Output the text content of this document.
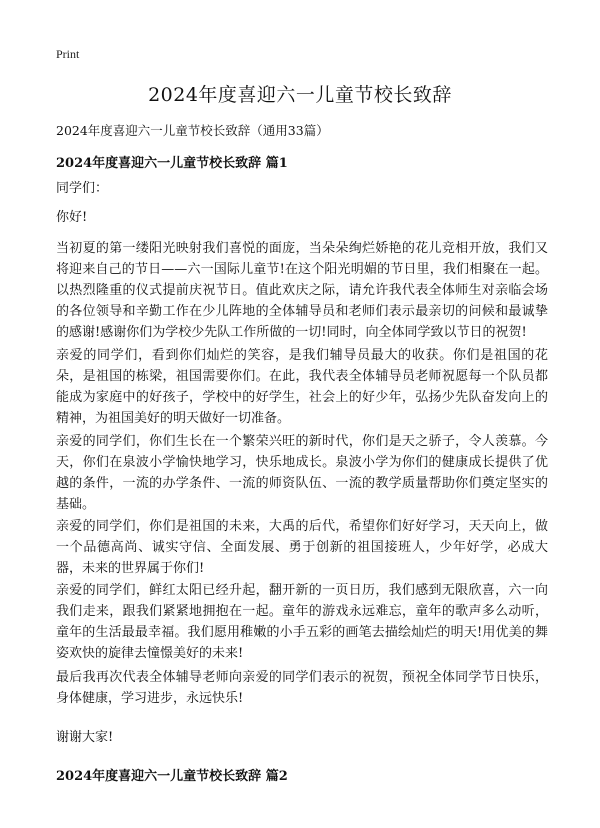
Print
2024年度喜迎六一儿童节校长致辞

2024年度喜迎六一儿童节校长致辞（通用33篇）

2024年度喜迎六一儿童节校长致辞 篇1

同学们：

你好!

当初夏的第一缕阳光映射我们喜悦的面庞，当朵朵绚烂娇艳的花儿竞相开放，我们又将迎来自己的节日——六一国际儿童节!在这个阳光明媚的节日里，我们相聚在一起。以热烈隆重的仪式提前庆祝节日。值此欢庆之际，请允许我代表全体师生对亲临会场的各位领导和辛勤工作在少儿阵地的全体辅导员和老师们表示最亲切的问候和最诚挚的感谢!感谢你们为学校少先队工作所做的一切!同时，向全体同学致以节日的祝贺!

亲爱的同学们，看到你们灿烂的笑容，是我们辅导员最大的收获。你们是祖国的花朵，是祖国的栋梁，祖国需要你们。在此，我代表全体辅导员老师祝愿每一个队员都能成为家庭中的好孩子，学校中的好学生，社会上的好少年，弘扬少先队奋发向上的精神，为祖国美好的明天做好一切准备。

亲爱的同学们，你们生长在一个繁荣兴旺的新时代，你们是天之骄子，令人羡慕。今天，你们在泉波小学愉快地学习，快乐地成长。泉波小学为你们的健康成长提供了优越的条件，一流的办学条件、一流的师资队伍、一流的教学质量帮助你们奠定坚实的基础。

亲爱的同学们，你们是祖国的未来，大禹的后代，希望你们好好学习，天天向上，做一个品德高尚、诚实守信、全面发展、勇于创新的祖国接班人，少年好学，必成大器，未来的世界属于你们!

亲爱的同学们，鲜红太阳已经升起，翻开新的一页日历，我们感到无限欣喜，六一向我们走来，跟我们紧紧地拥抱在一起。童年的游戏永远难忘，童年的歌声多么动听，童年的生活最最幸福。我们愿用稚嫩的小手五彩的画笔去描绘灿烂的明天!用优美的舞姿欢快的旋律去憧憬美好的未来!

最后我再次代表全体辅导老师向亲爱的同学们表示的祝贺，预祝全体同学节日快乐，身体健康，学习进步，永远快乐!

谢谢大家!

2024年度喜迎六一儿童节校长致辞 篇2
